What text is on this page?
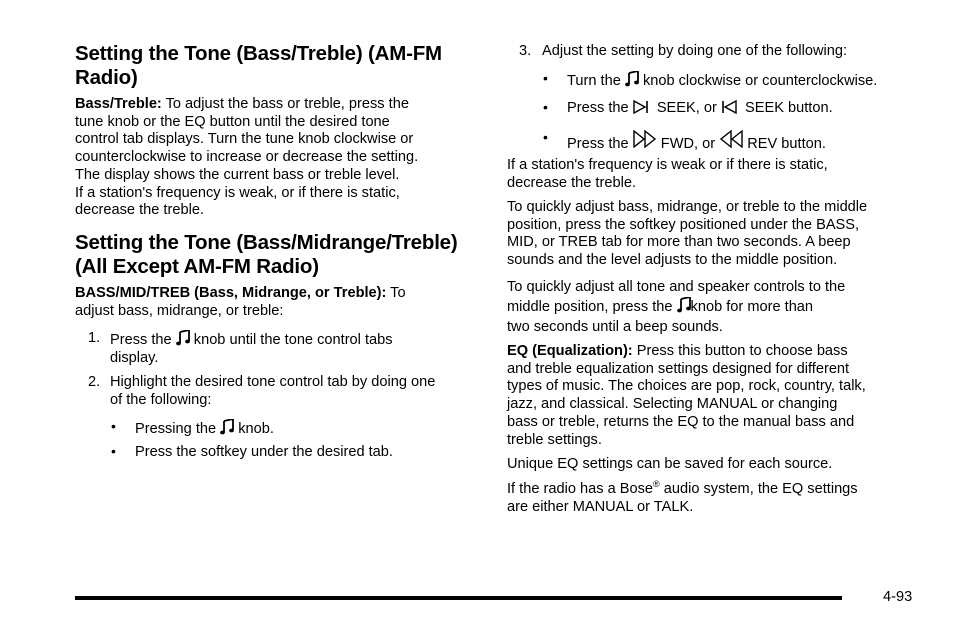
Setting the Tone (Bass/Treble) (AM-FM
Radio)

Bass/Treble: To adjust the bass or treble, press the
tune knob or the EQ button until the desired tone
control tab displays. Turn the tune knob clockwise or
counterclockwise to increase or decrease the setting.
The display shows the current bass or treble level.
If a station's frequency is weak, or if there is static,
decrease the treble.

Setting the Tone (Bass/Midrange/Treble)
(All Except AM-FM Radio)

BASS/MID/TREB (Bass, Midrange, or Treble): To
adjust bass, midrange, or treble:

1. Press the knob until the tone control tabs
display.

2. Highlight the desired tone control tab by doing one
of the following:

• Pressing the knob.

• Press the softkey under the desired tab.

3. Adjust the setting by doing one of the following:

• Turn the knob clockwise or counterclockwise.

• Press the SEEK, or SEEK button.

• Press the FWD, or REV button.

If a station's frequency is weak or if there is static,
decrease the treble.

To quickly adjust bass, midrange, or treble to the middle
position, press the softkey positioned under the BASS,
MID, or TREB tab for more than two seconds. A beep
sounds and the level adjusts to the middle position.

To quickly adjust all tone and speaker controls to the
middle position, press the knob for more than
two seconds until a beep sounds.

EQ (Equalization): Press this button to choose bass
and treble equalization settings designed for different
types of music. The choices are pop, rock, country, talk,
jazz, and classical. Selecting MANUAL or changing
bass or treble, returns the EQ to the manual bass and
treble settings.

Unique EQ settings can be saved for each source.

If the radio has a Bose® audio system, the EQ settings
are either MANUAL or TALK.

4-93
